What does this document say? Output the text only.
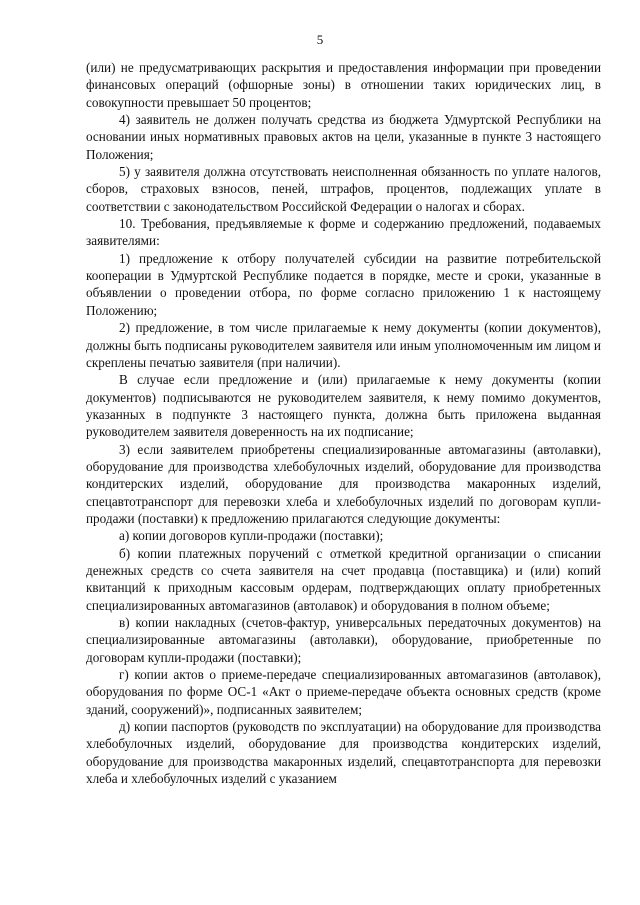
5

(или) не предусматривающих раскрытия и предоставления информации при проведении финансовых операций (офшорные зоны) в отношении таких юридических лиц, в совокупности превышает 50 процентов;

4) заявитель не должен получать средства из бюджета Удмуртской Республики на основании иных нормативных правовых актов на цели, указанные в пункте 3 настоящего Положения;

5) у заявителя должна отсутствовать неисполненная обязанность по уплате налогов, сборов, страховых взносов, пеней, штрафов, процентов, подлежащих уплате в соответствии с законодательством Российской Федерации о налогах и сборах.

10. Требования, предъявляемые к форме и содержанию предложений, подаваемых заявителями:

1) предложение к отбору получателей субсидии на развитие потребительской кооперации в Удмуртской Республике подается в порядке, месте и сроки, указанные в объявлении о проведении отбора, по форме согласно приложению 1 к настоящему Положению;

2) предложение, в том числе прилагаемые к нему документы (копии документов), должны быть подписаны руководителем заявителя или иным уполномоченным им лицом и скреплены печатью заявителя (при наличии).

В случае если предложение и (или) прилагаемые к нему документы (копии документов) подписываются не руководителем заявителя, к нему помимо документов, указанных в подпункте 3 настоящего пункта, должна быть приложена выданная руководителем заявителя доверенность на их подписание;

3) если заявителем приобретены специализированные автомагазины (автолавки), оборудование для производства хлебобулочных изделий, оборудование для производства кондитерских изделий, оборудование для производства макаронных изделий, спецавтотранспорт для перевозки хлеба и хлебобулочных изделий по договорам купли-продажи (поставки) к предложению прилагаются следующие документы:

а) копии договоров купли-продажи (поставки);

б) копии платежных поручений с отметкой кредитной организации о списании денежных средств со счета заявителя на счет продавца (поставщика) и (или) копий квитанций к приходным кассовым ордерам, подтверждающих оплату приобретенных специализированных автомагазинов (автолавок) и оборудования в полном объеме;

в) копии накладных (счетов-фактур, универсальных передаточных документов) на специализированные автомагазины (автолавки), оборудование, приобретенные по договорам купли-продажи (поставки);

г) копии актов о приеме-передаче специализированных автомагазинов (автолавок), оборудования по форме ОС-1 «Акт о приеме-передаче объекта основных средств (кроме зданий, сооружений)», подписанных заявителем;

д) копии паспортов (руководств по эксплуатации) на оборудование для производства хлебобулочных изделий, оборудование для производства кондитерских изделий, оборудование для производства макаронных изделий, спецавтотранспорта для перевозки хлеба и хлебобулочных изделий с указанием
